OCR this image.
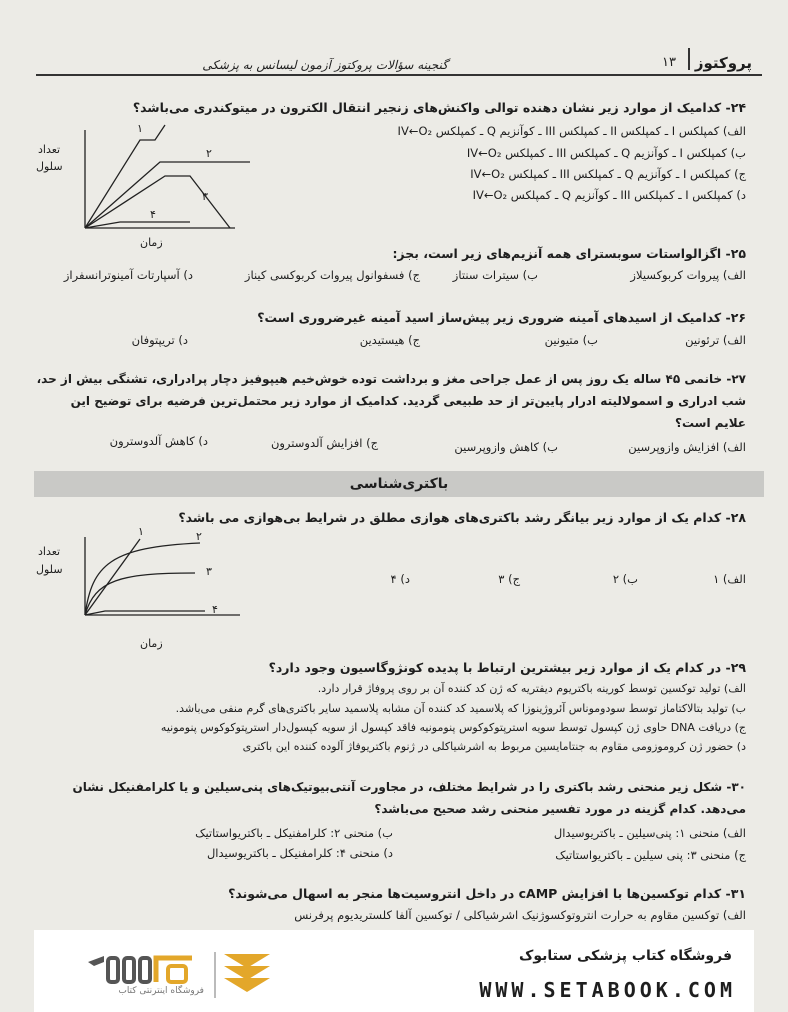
پروکتوز
۱۳
گنجینه سؤالات پروکتوز آزمون لیسانس به پزشکی
۲۴- کدامیک از موارد زیر نشان دهنده توالی واکنش‌های زنجیر انتقال الکترون در میتوکندری می‌باشد؟
الف) کمپلکس I ـ کمپلکس II ـ کمپلکس III ـ کوآنزیم Q ـ کمپلکس IV←O₂
ب) کمپلکس I ـ کوآنزیم Q ـ کمپلکس III ـ کمپلکس IV←O₂
ج) کمپلکس I ـ کوآنزیم Q ـ کمپلکس III ـ کمپلکس IV←O₂
د) کمپلکس I ـ کمپلکس III ـ کوآنزیم Q ـ کمپلکس IV←O₂
۱
۲
۳
۴
تعداد
سلول
زمان
۲۵- اگزالواستات سوبسترای همه آنزیم‌های زیر است، بجز:
الف) پیروات کربوکسیلاز
ب) سیترات سنتاز
ج) فسفوانول پیروات کربوکسی کیناز
د) آسپارتات آمینوترانسفراز
۲۶- کدامیک از اسیدهای آمینه ضروری زیر پیش‌ساز اسید آمینه غیرضروری است؟
الف) ترئونین
ب) متیونین
ج) هیستیدین
د) تریپتوفان
۲۷- خانمی ۴۵ ساله یک روز پس از عمل جراحی مغز و برداشت توده خوش‌خیم هیپوفیز دچار پرادراری، تشنگی بیش از حد،
شب ادراری و اسمولالیته ادرار پایین‌تر از حد طبیعی گردید. کدامیک از موارد زیر محتمل‌ترین فرضیه برای توضیح این
علایم است؟
الف) افزایش وازوپرسین
ب) کاهش وازوپرسین
ج) افزایش آلدوسترون
د) کاهش آلدوسترون
باکتری‌شناسی
۲۸- کدام یک از موارد زیر بیانگر رشد باکتری‌های هوازی مطلق در شرایط بی‌هوازی می باشد؟
الف) ۱
ب) ۲
ج) ۳
د) ۴
۱	۲
۳
۴
تعداد
سلول
زمان
۲۹- در کدام یک از موارد زیر بیشترین ارتباط با پدیده کونژوگاسیون وجود دارد؟
الف) تولید توکسین توسط کورینه باکتریوم دیفتریه که ژن کد کننده آن بر روی پروفاژ قرار دارد.
ب) تولید بتالاکتاماز توسط سودوموناس آئروژینوزا که پلاسمید کد کننده آن مشابه پلاسمید سایر باکتری‌های گرم منفی می‌باشد.
ج) دریافت DNA حاوی ژن کپسول توسط سویه استرپتوکوکوس پنومونیه فاقد کپسول از سویه کپسول‌دار استرپتوکوکوس پنومونیه
د) حضور ژن کروموزومی مقاوم به جنتامایسین مربوط به اشرشیاکلی در ژنوم باکتریوفاژ آلوده کننده این باکتری
۳۰- شکل زیر منحنی رشد باکتری را در شرایط مختلف، در مجاورت آنتی‌بیوتیک‌های پنی‌سیلین و یا کلرامفنیکل نشان
می‌دهد. کدام گزینه در مورد تفسیر منحنی رشد صحیح می‌باشد؟
الف) منحنی ۱: پنی‌سیلین ـ باکتریوسیدال
ب) منحنی ۲: کلرامفنیکل ـ باکتریواستاتیک
ج) منحنی ۳: پنی سیلین ـ باکتریواستاتیک
د) منحنی ۴: کلرامفنیکل ـ باکتریوسیدال
۳۱- کدام توکسین‌ها با افزایش cAMP در داخل انتروسیت‌ها منجر به اسهال می‌شوند؟
الف) توکسین مقاوم به حرارت انتروتوکسوژنیک اشرشیاکلی / توکسین آلفا کلستریدیوم پرفرنس
فروشگاه اینترنتی کتاب
فروشگاه کتاب پزشکی ستابوک
WWW.SETABOOK.COM
